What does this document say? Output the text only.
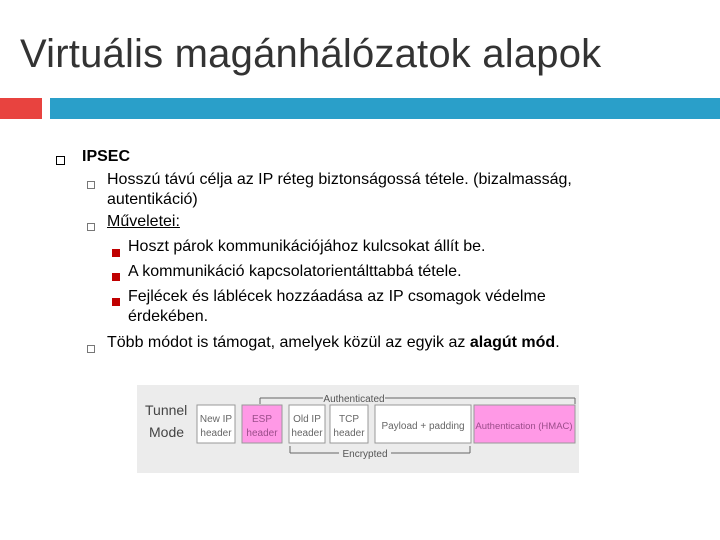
Virtuális magánhálózatok alapok
IPSEC
Hosszú távú célja az IP réteg biztonságossá tétele. (bizalmasság,
autentikáció)
Műveletei:
Hoszt párok kommunikációjához kulcsokat állít be.
A kommunikáció kapcsolatorientálttabbá tétele.
Fejlécek és láblécek hozzáadása az IP csomagok védelme
érdekében.
Több módot is támogat, amelyek közül az egyik az alagút mód.
Tunnel
Mode
Authenticated
New IP
header
ESP
header
Old IP
header
TCP
header
Payload + padding Authentication (HMAC)
Encrypted
